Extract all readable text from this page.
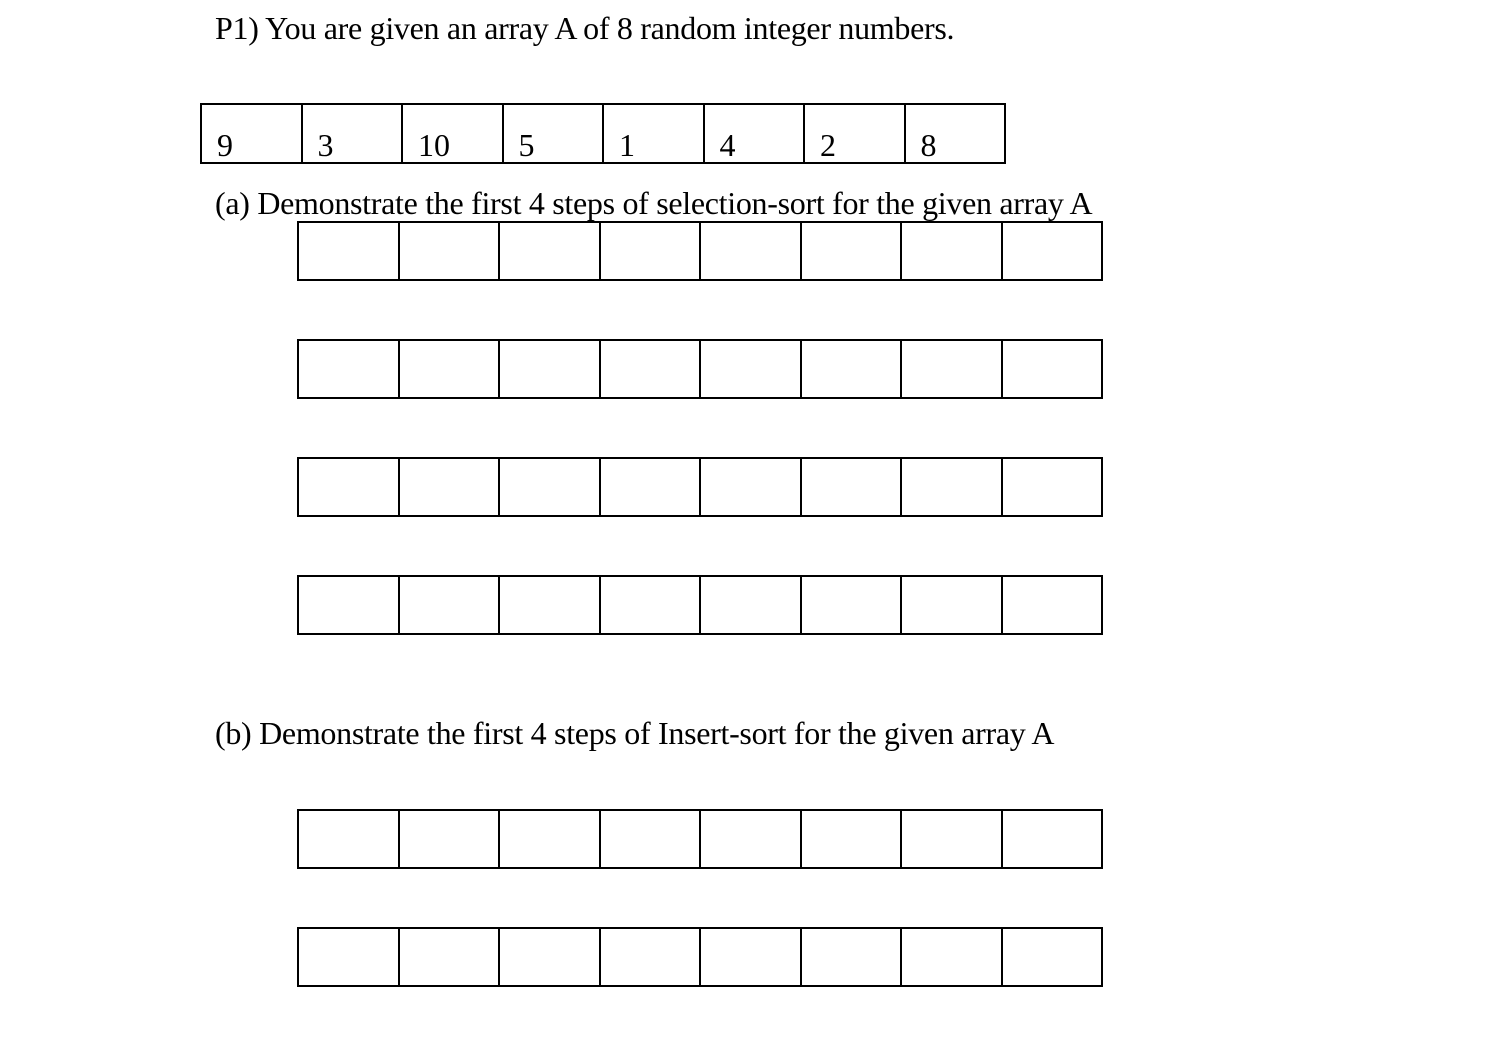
P1) You are given an array A of 8 random integer numbers.
9	3	10 5	1	4	2	8
(a) Demonstrate the first 4 steps of selection-sort for the given array A
(b) Demonstrate the first 4 steps of Insert-sort for the given array A
